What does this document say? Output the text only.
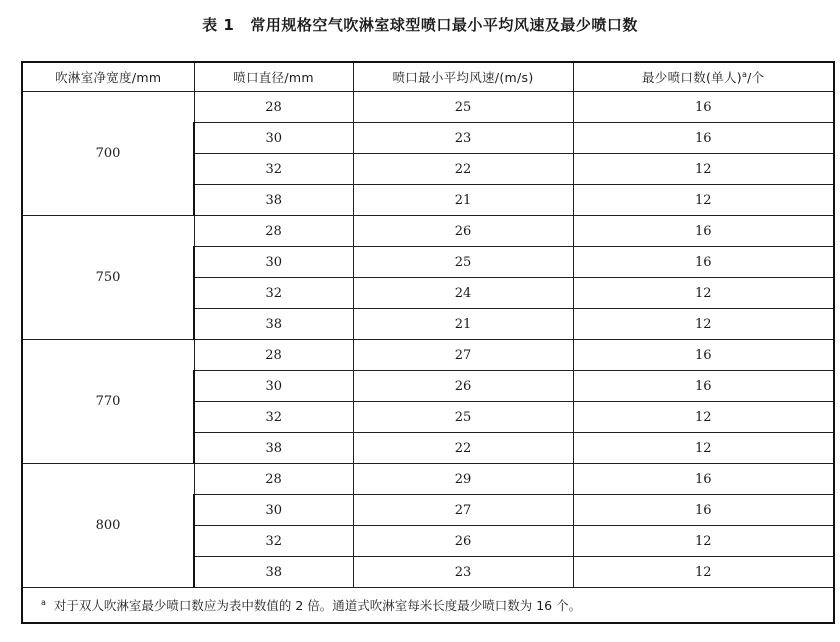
表 1 常用规格空气吹淋室球型喷口最小平均风速及最少喷口数
吹淋室净宽度/mm	喷口直径/mm	喷口最小平均风速/(m/s)	最少喷口数(单人)$^a$/个
700	28	25	16
	30	23	16
	32	22	12
	38	21	12
750	28	26	16
	30	25	16
	32	24	12
	38	21	12
770	28	27	16
	30	26	16
	32	25	12
	38	22	12
800	28	29	16
	30	27	16
	32	26	12
	38	23	12
$^a$ 对于双人吹淋室最少喷口数应为表中数值的 2 倍。通道式吹淋室每米长度最少喷口数为 16 个。			
